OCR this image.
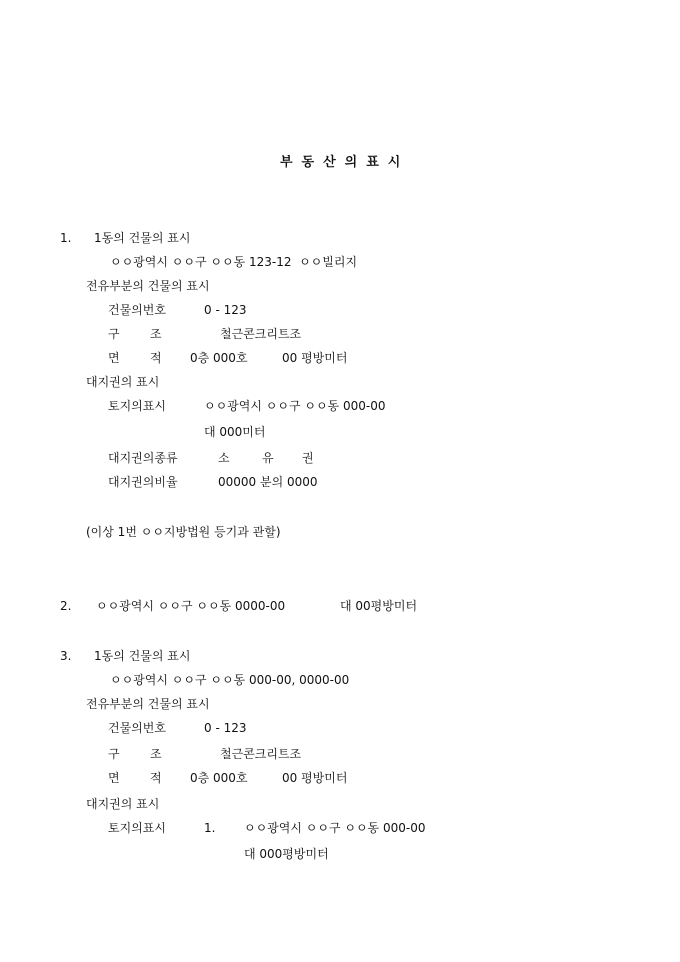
부동산의표시
1. 1동의 건물의 표시
ㅇㅇ광역시 ㅇㅇ구 ㅇㅇ동 123-12  ㅇㅇ빌리지
전유부분의 건물의 표시
건물의번호	0 - 123
구	조	철근콘크리트조
면	적 0층 000호	00 평방미터
대지권의 표시
토지의표시	ㅇㅇ광역시 ㅇㅇ구 ㅇㅇ동 000-00
대 000미터
대지권의종류	소	유 권
대지권의비율	00000 분의 0000
(이상 1번 ㅇㅇ지방법원 등기과 관할)
2. ㅇㅇ광역시 ㅇㅇ구 ㅇㅇ동 0000-00	대 00평방미터
3. 1동의 건물의 표시
ㅇㅇ광역시 ㅇㅇ구 ㅇㅇ동 000-00, 0000-00
전유부분의 건물의 표시
건물의번호	0 - 123
구	조	철근콘크리트조
면	적 0층 000호	00 평방미터
대지권의 표시
토지의표시	1. ㅇㅇ광역시 ㅇㅇ구 ㅇㅇ동 000-00
대 000평방미터
